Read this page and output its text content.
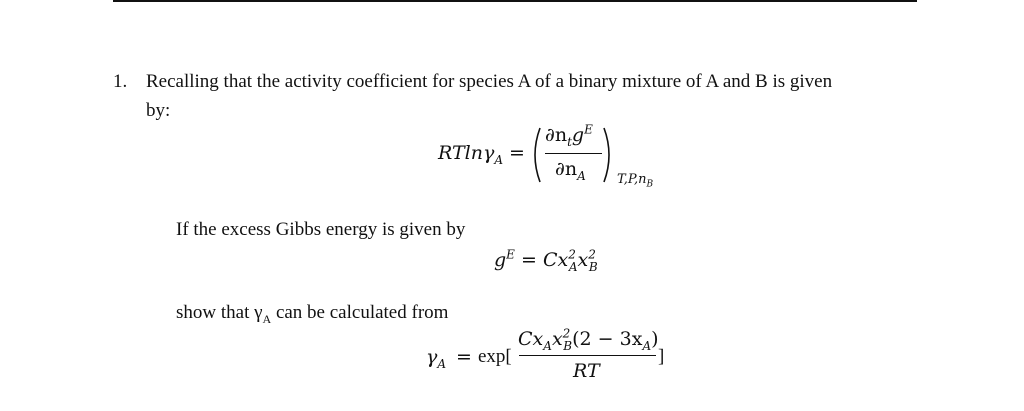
1. Recalling that the activity coefficient for species A of a binary mixture of A and B is given
by:
RTlnγ$_A$ =
$\partial n_tg^E$
$\partial n_A$ $T,P,n_B$
If the excess Gibbs energy is given by
$g^E = Cx^2_Ax^2_B$
show that $\gamma_A$ can be calculated from
$\gamma_A = \exp$[
$Cx_Ax^2_B(2 - 3x_A)$
RT
]
